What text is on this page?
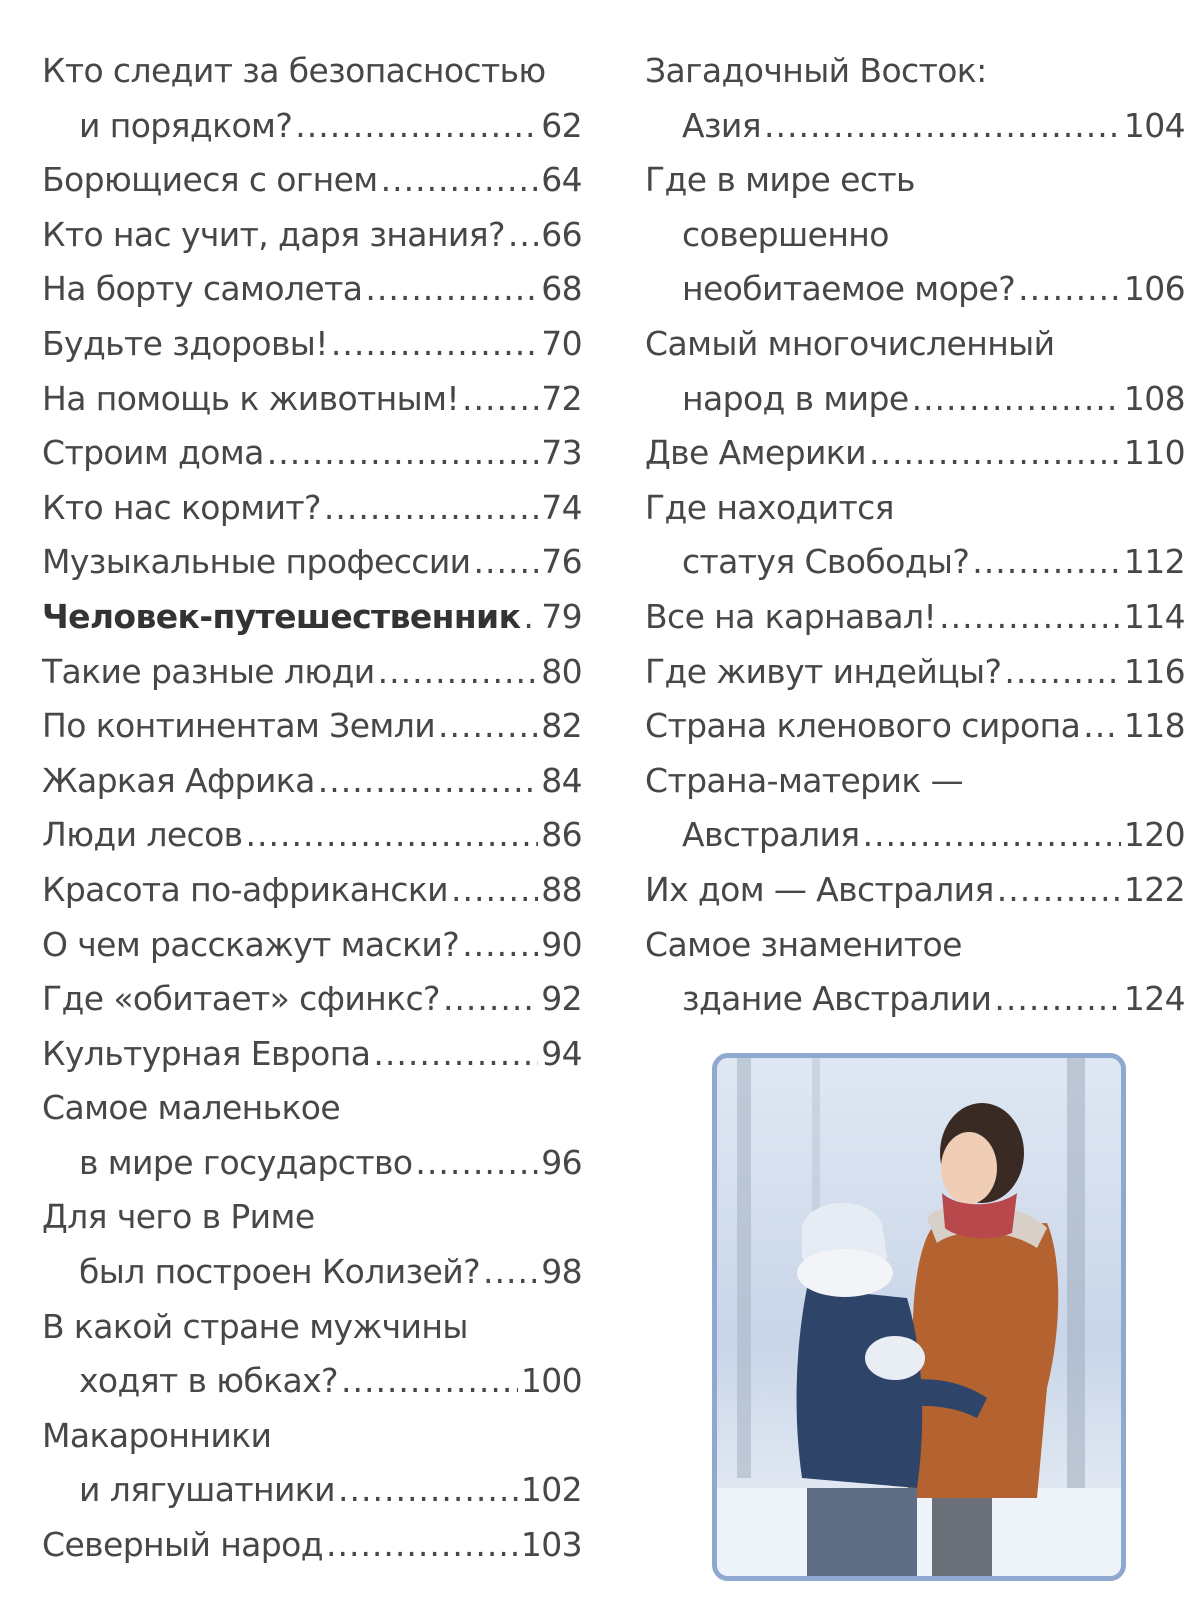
Кто следит за безопасностью
и порядком? .....	62
Борющиеся с огнем .....	64
Кто нас учит, даря знания? ..... 66
На борту самолета .....	68
Будьте здоровы! .....	70
На помощь к животным! ..... 72
Строим дома .....	73
Кто нас кормит? .....	74
Музыкальные профессии ..... 76
Человек-путешественник ..... 79
Такие разные люди .....	80
По континентам Земли .....	82
Жаркая Африка .....	84
Люди лесов .....	86
Красота по-африкански .....	88
О чем расскажут маски? ..... 90
Где «обитает» сфинкс? .....	92
Культурная Европа .....	94
Самое маленькое
в мире государство .....	96
Для чего в Риме
был построен Колизей? ..... 98
В какой стране мужчины
ходят в юбках? .....	100
Макаронники
и лягушатники .....	102
Северный народ .....	103
Загадочный Восток:
Азия .....	104
Где в мире есть
совершенно
необитаемое море? .....	106
Самый многочисленный
народ в мире .....	108
Две Америки .....	110
Где находится
статуя Свободы? .....	112
Все на карнавал! .....	114
Где живут индейцы? .....	116
Страна кленового сиропа ..... 118
Страна-материк —
Австралия .....	120
Их дом — Австралия .....	122
Самое знаменитое
здание Австралии .....	124
